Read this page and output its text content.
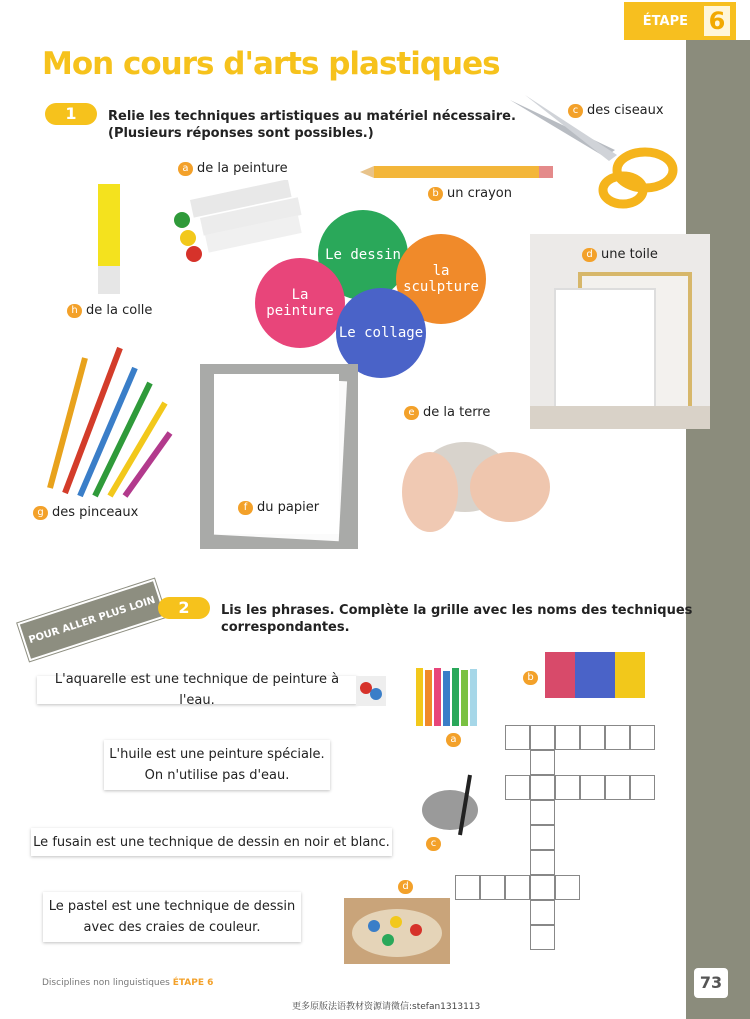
ÉTAPE 6
Mon cours d'arts plastiques
1	Relie les techniques artistiques au matériel nécessaire.
(Plusieurs réponses sont possibles.)
a de la peinture
b un crayon
c des ciseaux
d une toile
h de la colle
Le dessin
la sculpture
La peinture
Le collage
g des pinceaux	f du papier
e de la terre
POUR ALLER PLUS LOIN	2	Lis les phrases. Complète la grille avec les noms des techniques
correspondantes.
L'aquarelle est une technique de peinture à l'eau.
L'huile est une peinture spéciale.
On n'utilise pas d'eau.
Le fusain est une technique de dessin en noir et blanc.
Le pastel est une technique de dessin
avec des craies de couleur.
a
b
c
d
Disciplines non linguistiques ÉTAPE 6	73
更多原版法语教材资源请微信:stefan1313113
